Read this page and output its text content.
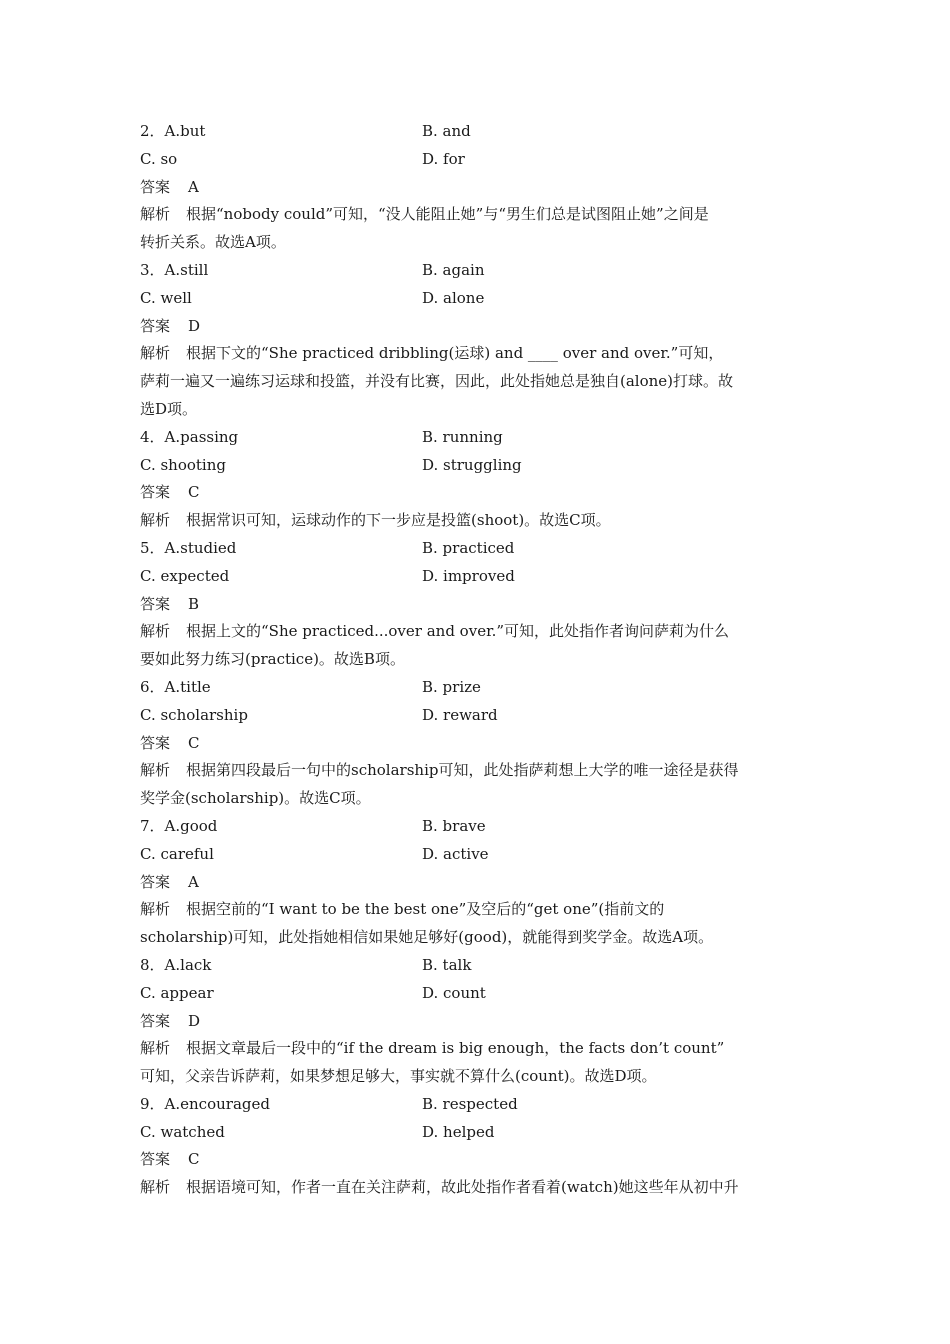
2．A.but	B. and
C. so	D. for
答案 A
解析 根据“nobody could”可知，“没人能阻止她”与“男生们总是试图阻止她”之间是
转折关系。故选A项。
3．A.still	B. again
C. well	D. alone
答案 D
解析 根据下文的“She practiced dribbling(运球) and ____ over and over.”可知，
萨莉一遍又一遍练习运球和投篮，并没有比赛，因此，此处指她总是独自(alone)打球。故
选D项。
4．A.passing	B. running
C. shooting	D. struggling
答案 C
解析 根据常识可知，运球动作的下一步应是投篮(shoot)。故选C项。
5．A.studied	B. practiced
C. expected	D. improved
答案 B
解析 根据上文的“She practiced...over and over.”可知，此处指作者询问萨莉为什么
要如此努力练习(practice)。故选B项。
6．A.title	B. prize
C. scholarship	D. reward
答案 C
解析 根据第四段最后一句中的scholarship可知，此处指萨莉想上大学的唯一途径是获得
奖学金(scholarship)。故选C项。
7．A.good	B. brave
C. careful	D. active
答案 A
解析 根据空前的“I want to be the best one”及空后的“get one”(指前文的
scholarship)可知，此处指她相信如果她足够好(good)，就能得到奖学金。故选A项。
8．A.lack	B. talk
C. appear	D. count
答案 D
解析 根据文章最后一段中的“if the dream is big enough，the facts don’t count”
可知，父亲告诉萨莉，如果梦想足够大，事实就不算什么(count)。故选D项。
9．A.encouraged	B. respected
C. watched	D. helped
答案 C
解析 根据语境可知，作者一直在关注萨莉，故此处指作者看着(watch)她这些年从初中升
